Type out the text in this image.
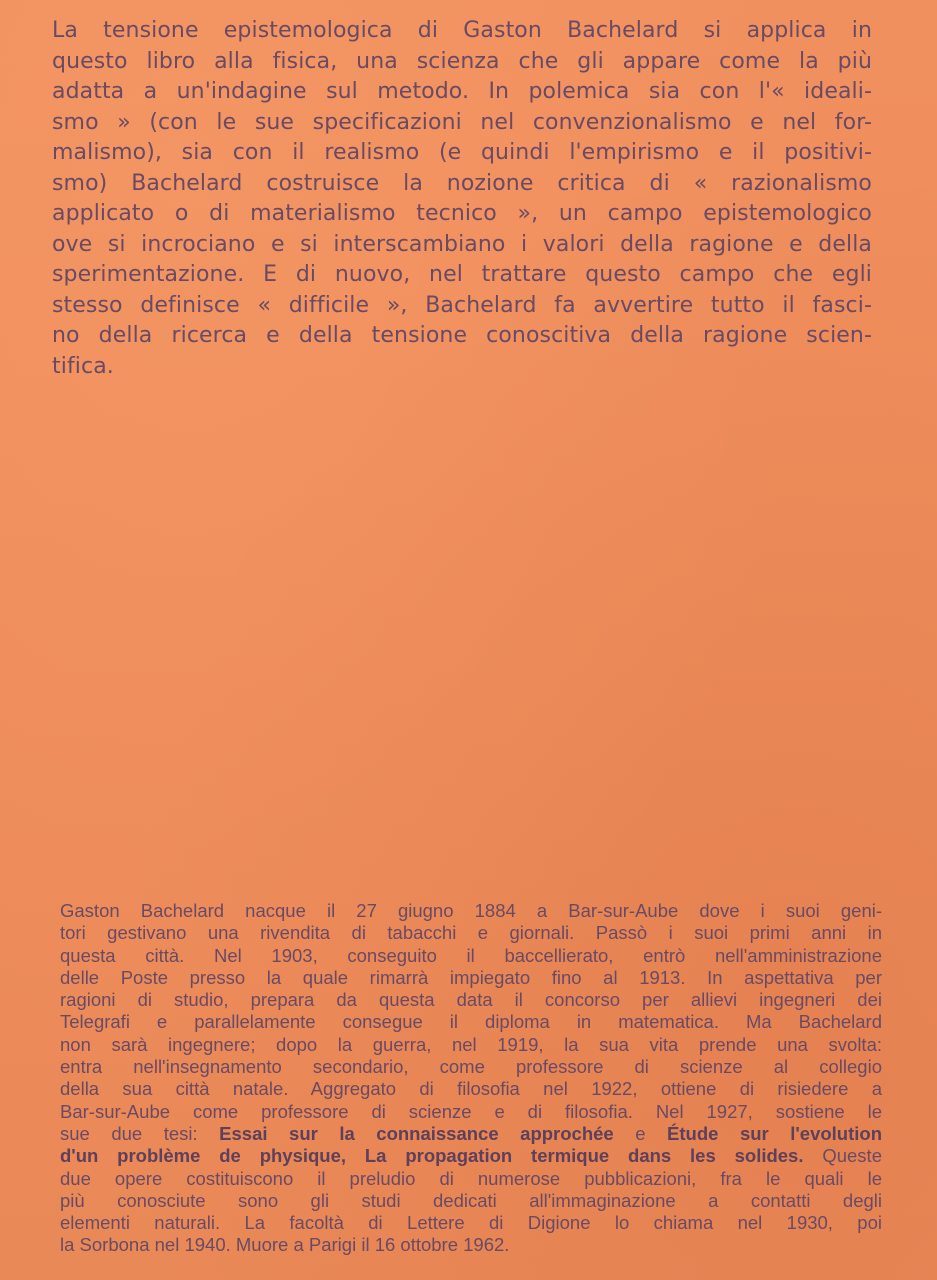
La tensione epistemologica di Gaston Bachelard si applica in
questo libro alla fisica, una scienza che gli appare come la più
adatta a un'indagine sul metodo. In polemica sia con l'« ideali-
smo » (con le sue specificazioni nel convenzionalismo e nel for-
malismo), sia con il realismo (e quindi l'empirismo e il positivi-
smo) Bachelard costruisce la nozione critica di « razionalismo
applicato o di materialismo tecnico », un campo epistemologico
ove si incrociano e si interscambiano i valori della ragione e della
sperimentazione. E di nuovo, nel trattare questo campo che egli
stesso definisce « difficile », Bachelard fa avvertire tutto il fasci-
no della ricerca e della tensione conoscitiva della ragione scien-
tifica.
Gaston Bachelard nacque il 27 giugno 1884 a Bar-sur-Aube dove i suoi geni-
tori gestivano una rivendita di tabacchi e giornali. Passò i suoi primi anni in
questa città. Nel 1903, conseguito il baccellierato, entrò nell'amministrazione
delle Poste presso la quale rimarrà impiegato fino al 1913. In aspettativa per
ragioni di studio, prepara da questa data il concorso per allievi ingegneri dei
Telegrafi e parallelamente consegue il diploma in matematica. Ma Bachelard
non sarà ingegnere; dopo la guerra, nel 1919, la sua vita prende una svolta:
entra nell'insegnamento secondario, come professore di scienze al collegio
della sua città natale. Aggregato di filosofia nel 1922, ottiene di risiedere a
Bar-sur-Aube come professore di scienze e di filosofia. Nel 1927, sostiene le
sue due tesi: Essai sur la connaissance approchée e Étude sur l'evolution
d'un problème de physique, La propagation termique dans les solides. Queste
due opere costituiscono il preludio di numerose pubblicazioni, fra le quali le
più conosciute sono gli studi dedicati all'immaginazione a contatti degli
elementi naturali. La facoltà di Lettere di Digione lo chiama nel 1930, poi
la Sorbona nel 1940. Muore a Parigi il 16 ottobre 1962.
